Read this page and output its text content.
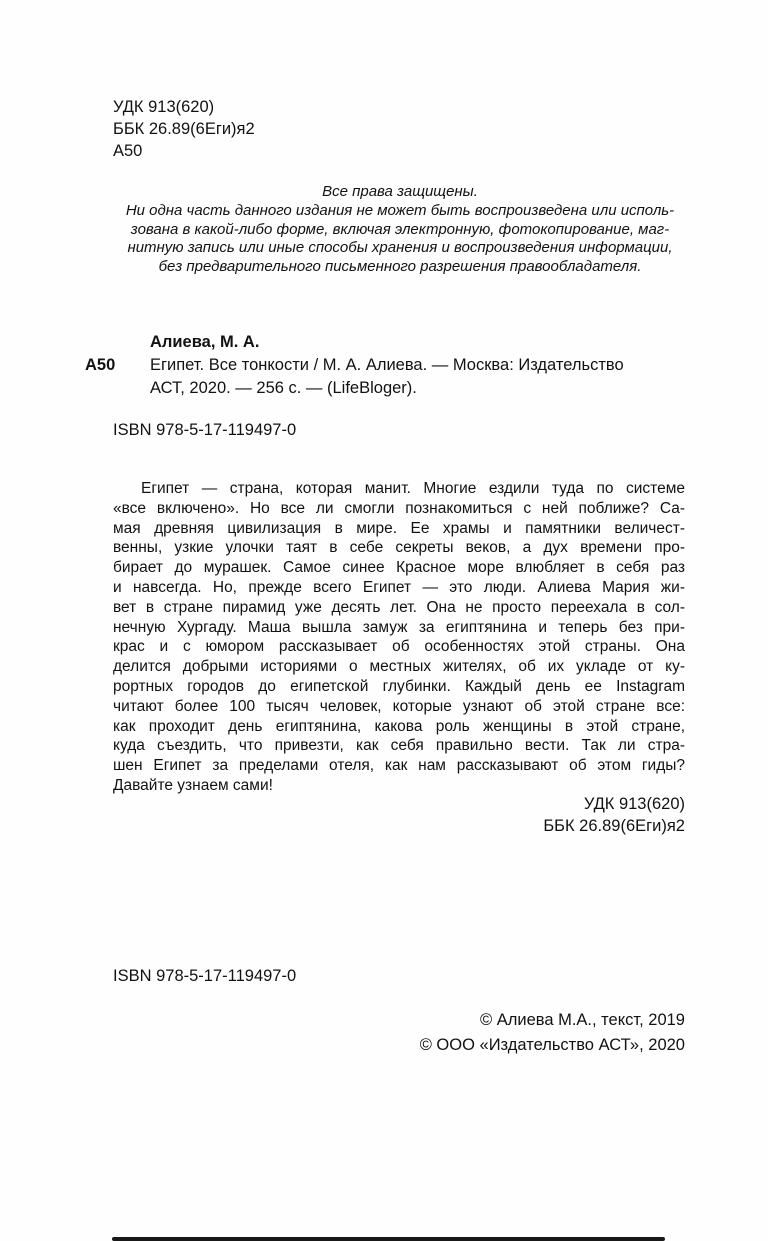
УДК 913(620)
ББК 26.89(6Еги)я2
А50
Все права защищены.
Ни одна часть данного издания не может быть воспроизведена или исполь-
зована в какой-либо форме, включая электронную, фотокопирование, маг-
нитную запись или иные способы хранения и воспроизведения информации,
без предварительного письменного разрешения правообладателя.
Алиева, М. А.
А50 Египет. Все тонкости / М. А. Алиева. — Москва: Издательство
АСТ, 2020. — 256 с. — (LifeBloger).
ISBN 978-5-17-119497-0
Египет — страна, которая манит. Многие ездили туда по системе
«все включено». Но все ли смогли познакомиться с ней поближе? Са-
мая древняя цивилизация в мире. Ее храмы и памятники величест-
венны, узкие улочки таят в себе секреты веков, а дух времени про-
бирает до мурашек. Самое синее Красное море влюбляет в себя раз
и навсегда. Но, прежде всего Египет — это люди. Алиева Мария жи-
вет в стране пирамид уже десять лет. Она не просто переехала в сол-
нечную Хургаду. Маша вышла замуж за египтянина и теперь без при-
крас и с юмором рассказывает об особенностях этой страны. Она
делится добрыми историями о местных жителях, об их укладе от ку-
рортных городов до египетской глубинки. Каждый день ее Instagram
читают более 100 тысяч человек, которые узнают об этой стране все:
как проходит день египтянина, какова роль женщины в этой стране,
куда съездить, что привезти, как себя правильно вести. Так ли стра-
шен Египет за пределами отеля, как нам рассказывают об этом гиды?
Давайте узнаем сами!
УДК 913(620)
ББК 26.89(6Еги)я2
ISBN 978-5-17-119497-0
© Алиева М.А., текст, 2019
© ООО «Издательство АСТ», 2020
